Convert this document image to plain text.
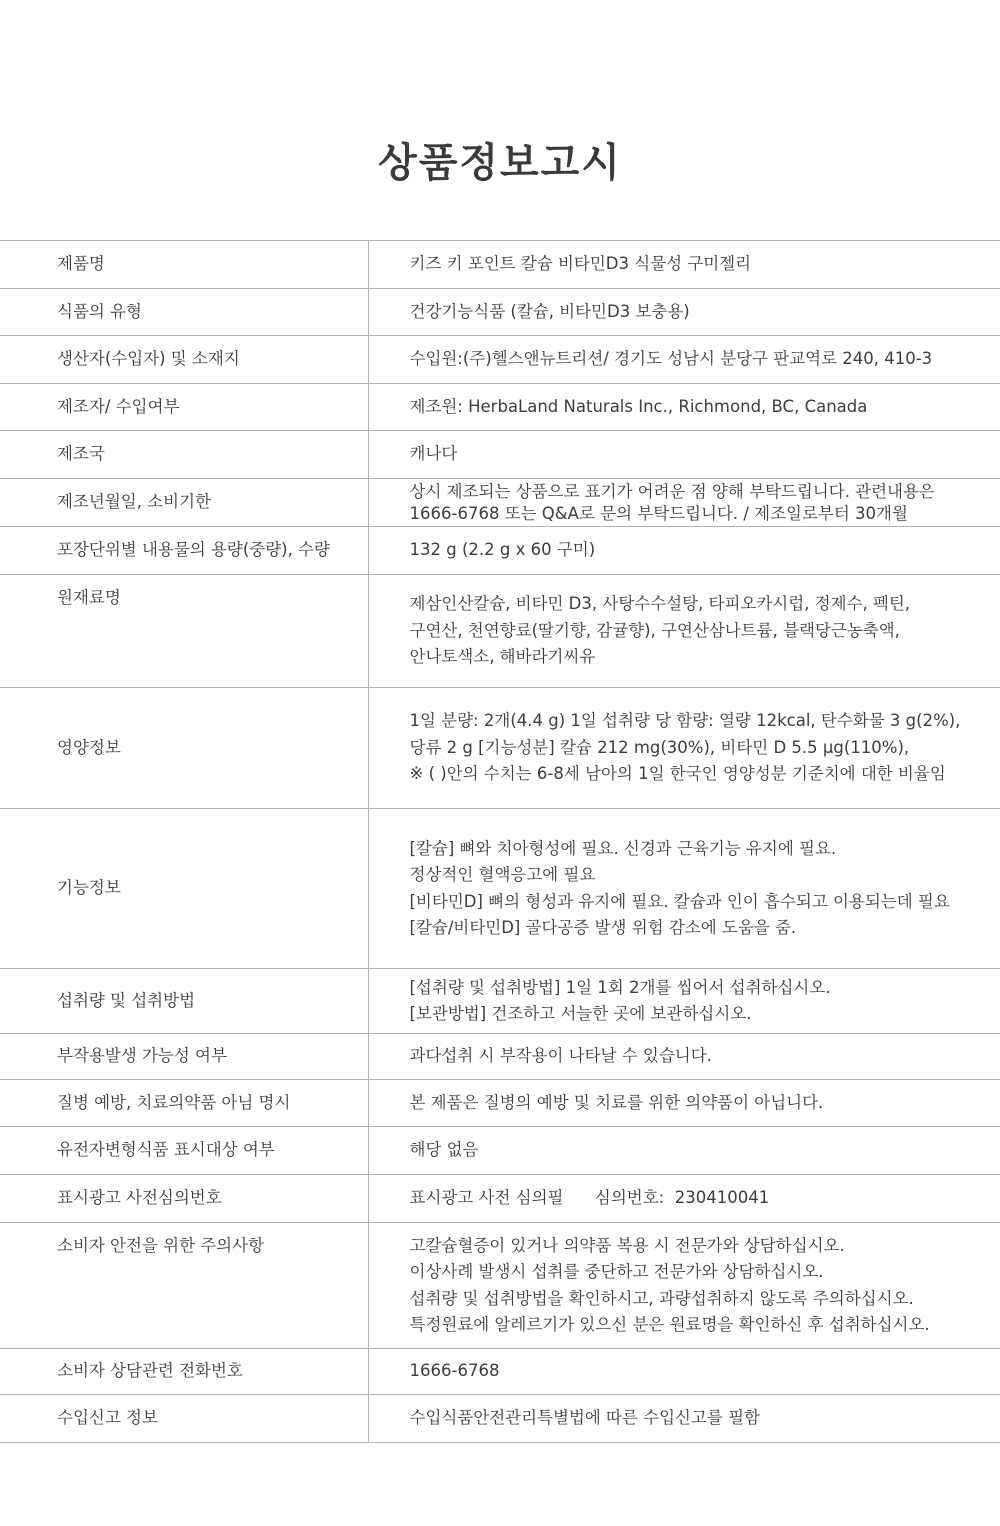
상품정보고시
제품명	키즈 키 포인트 칼슘 비타민D3 식물성 구미젤리

식품의 유형	건강기능식품 (칼슘, 비타민D3 보충용)

생산자(수입자) 및 소재지	수입원:(주)헬스앤뉴트리션/ 경기도 성남시 분당구 판교역로 240, 410-3

제조자/ 수입여부	제조원: HerbaLand Naturals Inc., Richmond, BC, Canada

제조국	캐나다

제조년월일, 소비기한	상시 제조되는 상품으로 표기가 어려운 점 양해 부탁드립니다. 관련내용은
1666-6768 또는 Q&A로 문의 부탁드립니다. / 제조일로부터 30개월

포장단위별 내용물의 용량(중량), 수량	132 g (2.2 g x 60 구미)

원재료명	제삼인산칼슘, 비타민 D3, 사탕수수설탕, 타피오카시럽, 정제수, 펙틴,
구연산, 천연향료(딸기향, 감귤향), 구연산삼나트륨, 블랙당근농축액,
안나토색소, 해바라기씨유

영양정보	1일 분량: 2개(4.4 g) 1일 섭취량 당 함량: 열량 12kcal, 탄수화물 3 g(2%),
당류 2 g [기능성분] 칼슘 212 mg(30%), 비타민 D 5.5 μg(110%),
※ ( )안의 수치는 6-8세 남아의 1일 한국인 영양성분 기준치에 대한 비율임

기능정보	[칼슘] 뼈와 치아형성에 필요. 신경과 근육기능 유지에 필요.
정상적인 혈액응고에 필요
[비타민D] 뼈의 형성과 유지에 필요. 칼슘과 인이 흡수되고 이용되는데 필요
[칼슘/비타민D] 골다공증 발생 위험 감소에 도움을 줌.

섭취량 및 섭취방법	[섭취량 및 섭취방법] 1일 1회 2개를 씹어서 섭취하십시오.
[보관방법] 건조하고 서늘한 곳에 보관하십시오.

부작용발생 가능성 여부	과다섭취 시 부작용이 나타날 수 있습니다.

질병 예방, 치료의약품 아님 명시	본 제품은 질병의 예방 및 치료를 위한 의약품이 아닙니다.

유전자변형식품 표시대상 여부	해당 없음

표시광고 사전심의번호	표시광고 사전 심의필      심의번호:  230410041

소비자 안전을 위한 주의사항	고칼슘혈증이 있거나 의약품 복용 시 전문가와 상담하십시오.
이상사례 발생시 섭취를 중단하고 전문가와 상담하십시오.
섭취량 및 섭취방법을 확인하시고, 과량섭취하지 않도록 주의하십시오.
특정원료에 알레르기가 있으신 분은 원료명을 확인하신 후 섭취하십시오.

소비자 상담관련 전화번호	1666-6768

수입신고 정보	수입식품안전관리특별법에 따른 수입신고를 필함
